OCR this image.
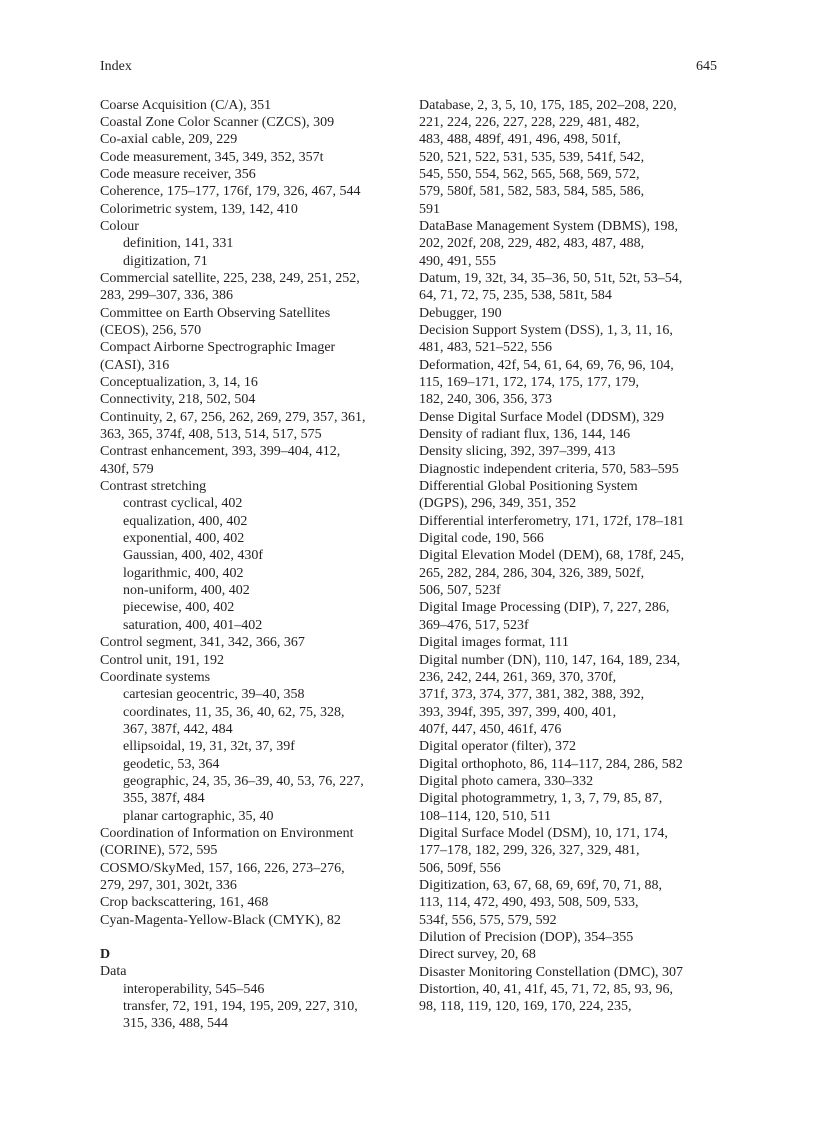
Index	645

Coarse Acquisition (C/A), 351

Coastal Zone Color Scanner (CZCS), 309

Co-axial cable, 209, 229

Code measurement, 345, 349, 352, 357t

Code measure receiver, 356

Coherence, 175–177, 176f, 179, 326, 467, 544

Colorimetric system, 139, 142, 410

Colour

definition, 141, 331

digitization, 71

Commercial satellite, 225, 238, 249, 251, 252,
283, 299–307, 336, 386

Committee on Earth Observing Satellites
(CEOS), 256, 570

Compact Airborne Spectrographic Imager
(CASI), 316

Conceptualization, 3, 14, 16

Connectivity, 218, 502, 504

Continuity, 2, 67, 256, 262, 269, 279, 357, 361,
363, 365, 374f, 408, 513, 514, 517, 575

Contrast enhancement, 393, 399–404, 412,
430f, 579

Contrast stretching

contrast cyclical, 402

equalization, 400, 402

exponential, 400, 402

Gaussian, 400, 402, 430f

logarithmic, 400, 402

non-uniform, 400, 402

piecewise, 400, 402

saturation, 400, 401–402

Control segment, 341, 342, 366, 367

Control unit, 191, 192

Coordinate systems

cartesian geocentric, 39–40, 358

coordinates, 11, 35, 36, 40, 62, 75, 328,
367, 387f, 442, 484

ellipsoidal, 19, 31, 32t, 37, 39f

geodetic, 53, 364

geographic, 24, 35, 36–39, 40, 53, 76, 227,
355, 387f, 484

planar cartographic, 35, 40

Coordination of Information on Environment
(CORINE), 572, 595

COSMO/SkyMed, 157, 166, 226, 273–276,
279, 297, 301, 302t, 336

Crop backscattering, 161, 468

Cyan-Magenta-Yellow-Black (CMYK), 82

D

Data

interoperability, 545–546

transfer, 72, 191, 194, 195, 209, 227, 310,
315, 336, 488, 544

Database, 2, 3, 5, 10, 175, 185, 202–208, 220,
221, 224, 226, 227, 228, 229, 481, 482,
483, 488, 489f, 491, 496, 498, 501f,
520, 521, 522, 531, 535, 539, 541f, 542,
545, 550, 554, 562, 565, 568, 569, 572,
579, 580f, 581, 582, 583, 584, 585, 586,
591

DataBase Management System (DBMS), 198,
202, 202f, 208, 229, 482, 483, 487, 488,
490, 491, 555

Datum, 19, 32t, 34, 35–36, 50, 51t, 52t, 53–54,
64, 71, 72, 75, 235, 538, 581t, 584

Debugger, 190

Decision Support System (DSS), 1, 3, 11, 16,
481, 483, 521–522, 556

Deformation, 42f, 54, 61, 64, 69, 76, 96, 104,
115, 169–171, 172, 174, 175, 177, 179,
182, 240, 306, 356, 373

Dense Digital Surface Model (DDSM), 329

Density of radiant flux, 136, 144, 146

Density slicing, 392, 397–399, 413

Diagnostic independent criteria, 570, 583–595

Differential Global Positioning System
(DGPS), 296, 349, 351, 352

Differential interferometry, 171, 172f, 178–181

Digital code, 190, 566

Digital Elevation Model (DEM), 68, 178f, 245,
265, 282, 284, 286, 304, 326, 389, 502f,
506, 507, 523f

Digital Image Processing (DIP), 7, 227, 286,
369–476, 517, 523f

Digital images format, 111

Digital number (DN), 110, 147, 164, 189, 234,
236, 242, 244, 261, 369, 370, 370f,
371f, 373, 374, 377, 381, 382, 388, 392,
393, 394f, 395, 397, 399, 400, 401,
407f, 447, 450, 461f, 476

Digital operator (filter), 372

Digital orthophoto, 86, 114–117, 284, 286, 582

Digital photo camera, 330–332

Digital photogrammetry, 1, 3, 7, 79, 85, 87,
108–114, 120, 510, 511

Digital Surface Model (DSM), 10, 171, 174,
177–178, 182, 299, 326, 327, 329, 481,
506, 509f, 556

Digitization, 63, 67, 68, 69, 69f, 70, 71, 88,
113, 114, 472, 490, 493, 508, 509, 533,
534f, 556, 575, 579, 592

Dilution of Precision (DOP), 354–355

Direct survey, 20, 68

Disaster Monitoring Constellation (DMC), 307

Distortion, 40, 41, 41f, 45, 71, 72, 85, 93, 96,
98, 118, 119, 120, 169, 170, 224, 235,
